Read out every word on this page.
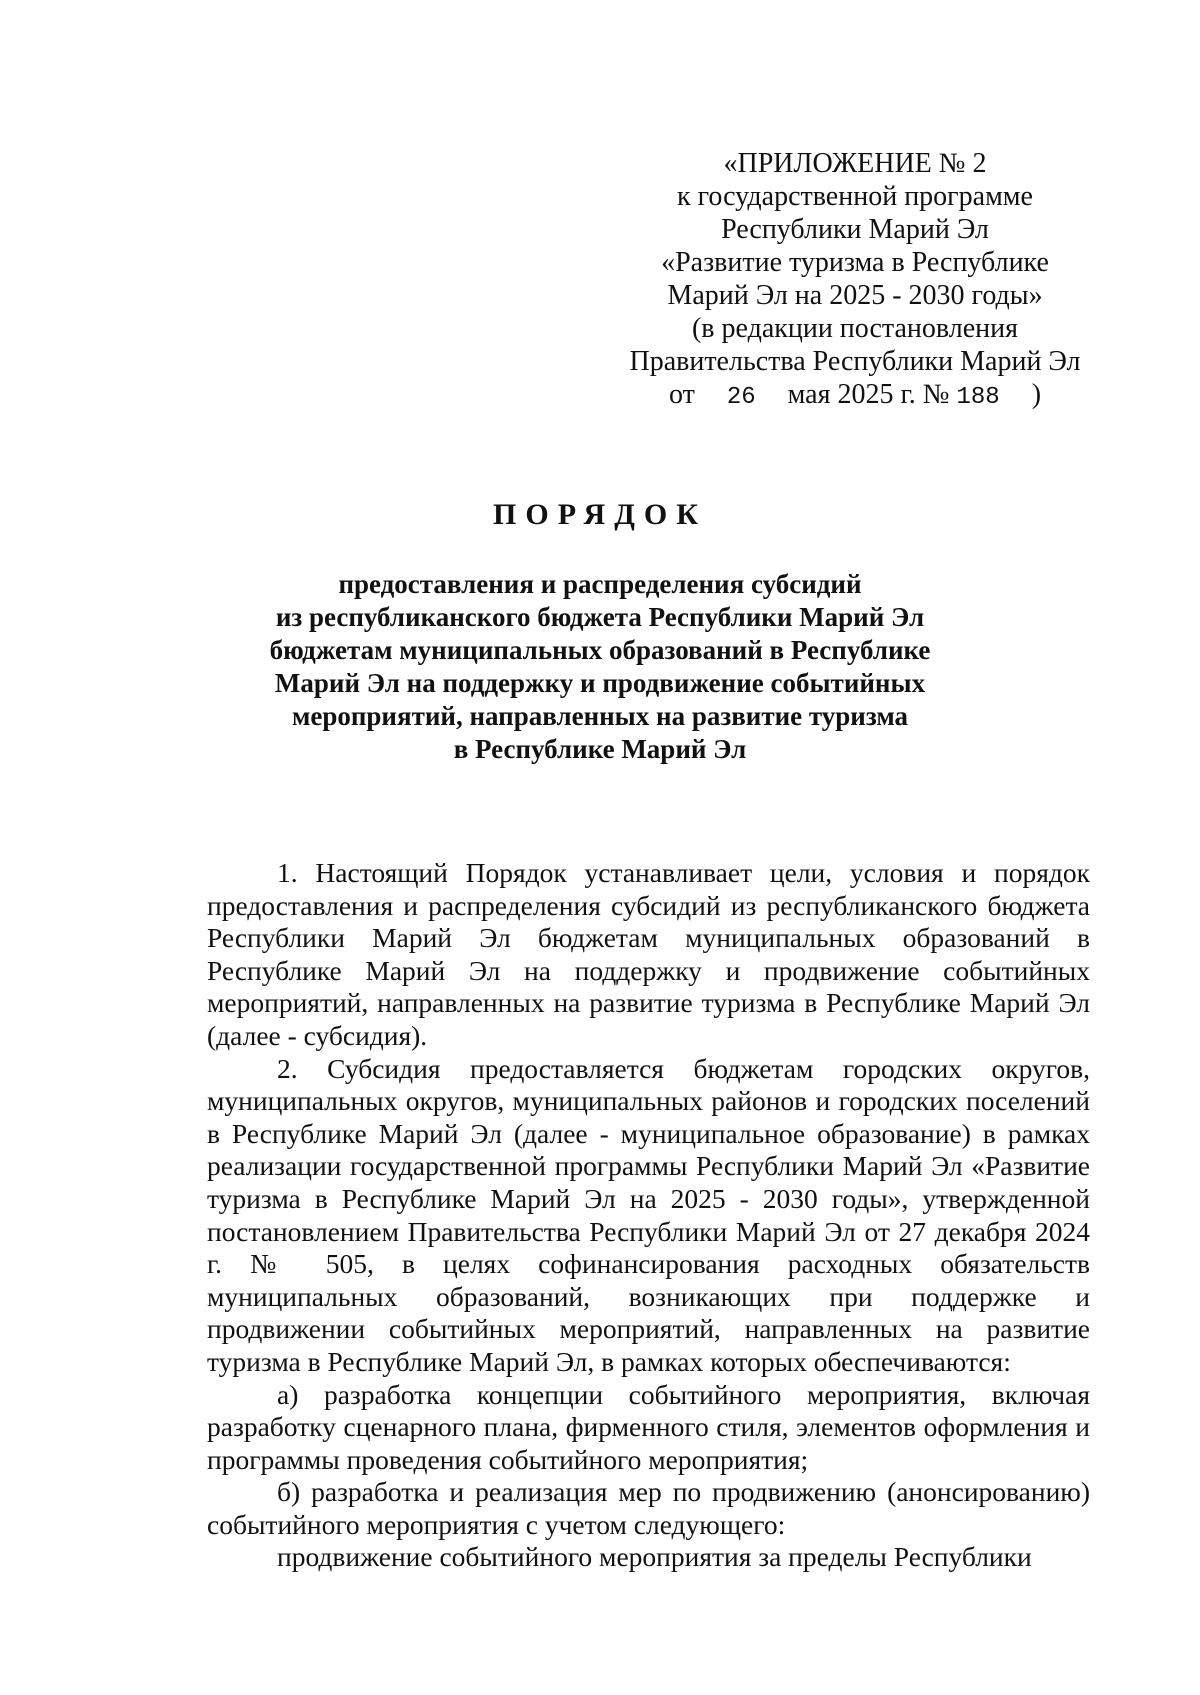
«ПРИЛОЖЕНИЕ № 2
к государственной программе
Республики Марий Эл
«Развитие туризма в Республике
Марий Эл на 2025 - 2030 годы»
(в редакции постановления
Правительства Республики Марий Эл
от 26 мая 2025 г. № 188 )
ПОРЯДОК
предоставления и распределения субсидий
из республиканского бюджета Республики Марий Эл
бюджетам муниципальных образований в Республике
Марий Эл на поддержку и продвижение событийных
мероприятий, направленных на развитие туризма
в Республике Марий Эл

1. Настоящий Порядок устанавливает цели, условия и порядок предоставления и распределения субсидий из республиканского бюджета Республики Марий Эл бюджетам муниципальных образований в Республике Марий Эл на поддержку и продвижение событийных мероприятий, направленных на развитие туризма в Республике Марий Эл (далее - субсидия).

2. Субсидия предоставляется бюджетам городских округов, муниципальных округов, муниципальных районов и городских поселений в Республике Марий Эл (далее - муниципальное образование) в рамках реализации государственной программы Республики Марий Эл «Развитие туризма в Республике Марий Эл на 2025 - 2030 годы», утвержденной постановлением Правительства Республики Марий Эл от 27 декабря 2024 г. № 505, в целях софинансирования расходных обязательств муниципальных образований, возникающих при поддержке и продвижении событийных мероприятий, направленных на развитие туризма в Республике Марий Эл, в рамках которых обеспечиваются:

а) разработка концепции событийного мероприятия, включая разработку сценарного плана, фирменного стиля, элементов оформления и программы проведения событийного мероприятия;

б) разработка и реализация мер по продвижению (анонсированию) событийного мероприятия с учетом следующего:

продвижение событийного мероприятия за пределы Республики
